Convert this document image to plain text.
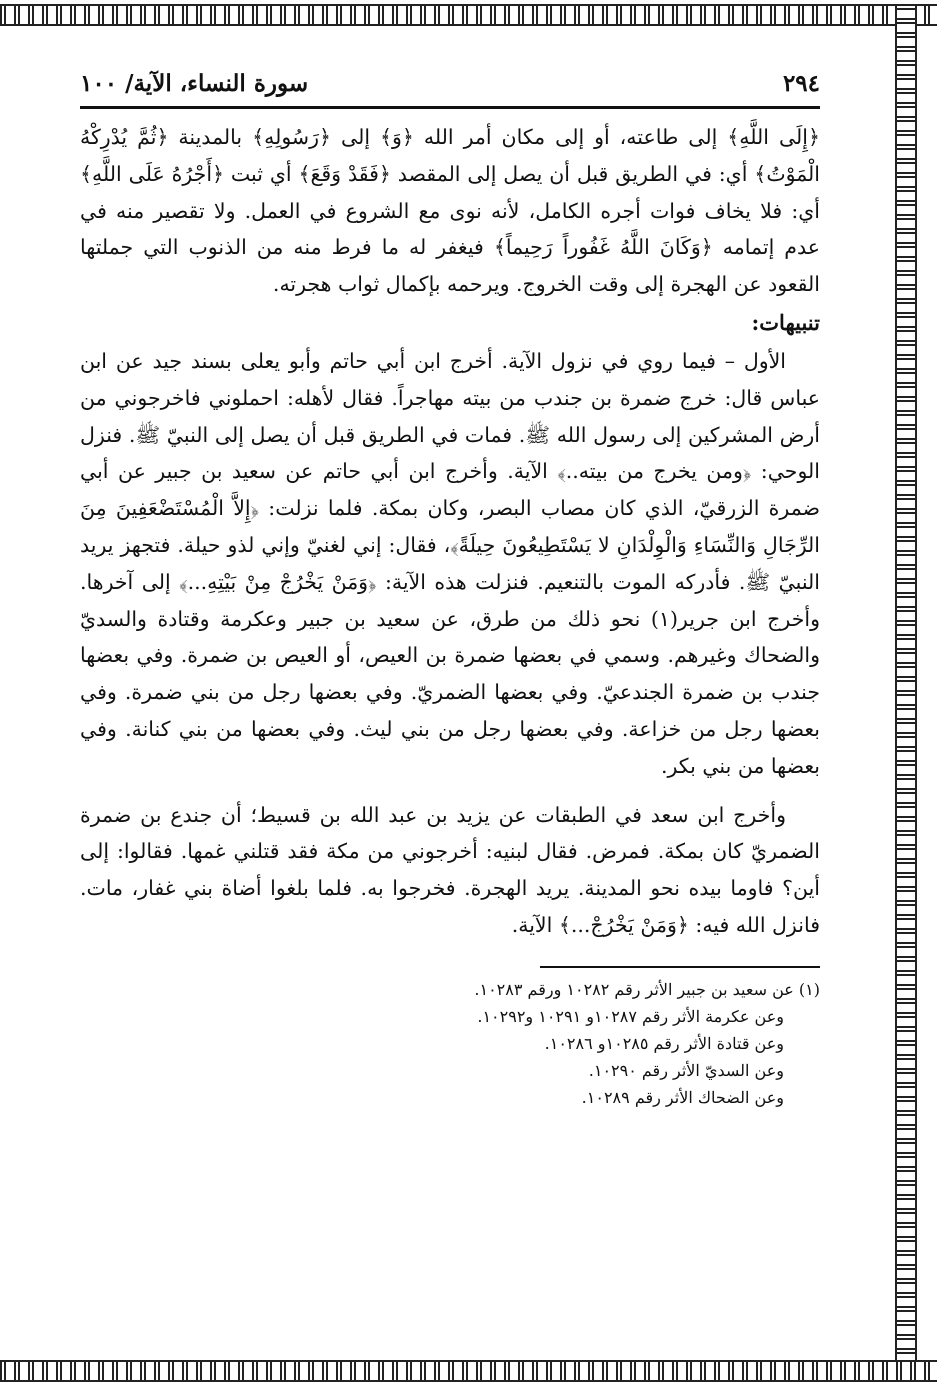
٢٩٤
سورة النساء، الآية/ ١٠٠

﴿إِلَى اللَّهِ﴾ إلى طاعته، أو إلى مكان أمر الله ﴿وَ﴾ إلى ﴿رَسُولِهِ﴾ بالمدينة ﴿ثُمَّ يُدْرِكْهُ الْمَوْتُ﴾ أي: في الطريق قبل أن يصل إلى المقصد ﴿فَقَدْ وَقَعَ﴾ أي ثبت ﴿أَجْرُهُ عَلَى اللَّهِ﴾ أي: فلا يخاف فوات أجره الكامل، لأنه نوى مع الشروع في العمل. ولا تقصير منه في عدم إتمامه ﴿وَكَانَ اللَّهُ غَفُوراً رَحِيماً﴾ فيغفر له ما فرط منه من الذنوب التي جملتها القعود عن الهجرة إلى وقت الخروج. ويرحمه بإكمال ثواب هجرته.

تنبيهات:

الأول – فيما روي في نزول الآية. أخرج ابن أبي حاتم وأبو يعلى بسند جيد عن ابن عباس قال: خرج ضمرة بن جندب من بيته مهاجراً. فقال لأهله: احملوني فاخرجوني من أرض المشركين إلى رسول الله ﷺ. فمات في الطريق قبل أن يصل إلى النبيّ ﷺ. فنزل الوحي: ﴿ومن يخرج من بيته..﴾ الآية. وأخرج ابن أبي حاتم عن سعيد بن جبير عن أبي ضمرة الزرقيّ، الذي كان مصاب البصر، وكان بمكة. فلما نزلت: ﴿إِلاَّ الْمُسْتَضْعَفِينَ مِنَ الرِّجَالِ وَالنِّسَاءِ وَالْوِلْدَانِ لا يَسْتَطِيعُونَ حِيلَةً﴾، فقال: إني لغنيّ وإني لذو حيلة. فتجهز يريد النبيّ ﷺ. فأدركه الموت بالتنعيم. فنزلت هذه الآية: ﴿وَمَنْ يَخْرُجْ مِنْ بَيْتِهِ...﴾ إلى آخرها. وأخرج ابن جرير(١) نحو ذلك من طرق، عن سعيد بن جبير وعكرمة وقتادة والسديّ والضحاك وغيرهم. وسمي في بعضها ضمرة بن العيص، أو العيص بن ضمرة. وفي بعضها جندب بن ضمرة الجندعيّ. وفي بعضها الضمريّ. وفي بعضها رجل من بني ضمرة. وفي بعضها رجل من خزاعة. وفي بعضها رجل من بني ليث. وفي بعضها من بني كنانة. وفي بعضها من بني بكر.

وأخرج ابن سعد في الطبقات عن يزيد بن عبد الله بن قسيط؛ أن جندع بن ضمرة الضمريّ كان بمكة. فمرض. فقال لبنيه: أخرجوني من مكة فقد قتلني غمها. فقالوا: إلى أين؟ فاوما بيده نحو المدينة. يريد الهجرة. فخرجوا به. فلما بلغوا أضاة بني غفار، مات. فانزل الله فيه: ﴿وَمَنْ يَخْرُجْ...﴾ الآية.

(١) عن سعيد بن جبير الأثر رقم ١٠٢٨٢ ورقم ١٠٢٨٣.

وعن عكرمة الأثر رقم ١٠٢٨٧و ١٠٢٩١ و١٠٢٩٢.

وعن قتادة الأثر رقم ١٠٢٨٥و ١٠٢٨٦.

وعن السديّ الأثر رقم ١٠٢٩٠.

وعن الضحاك الأثر رقم ١٠٢٨٩.
